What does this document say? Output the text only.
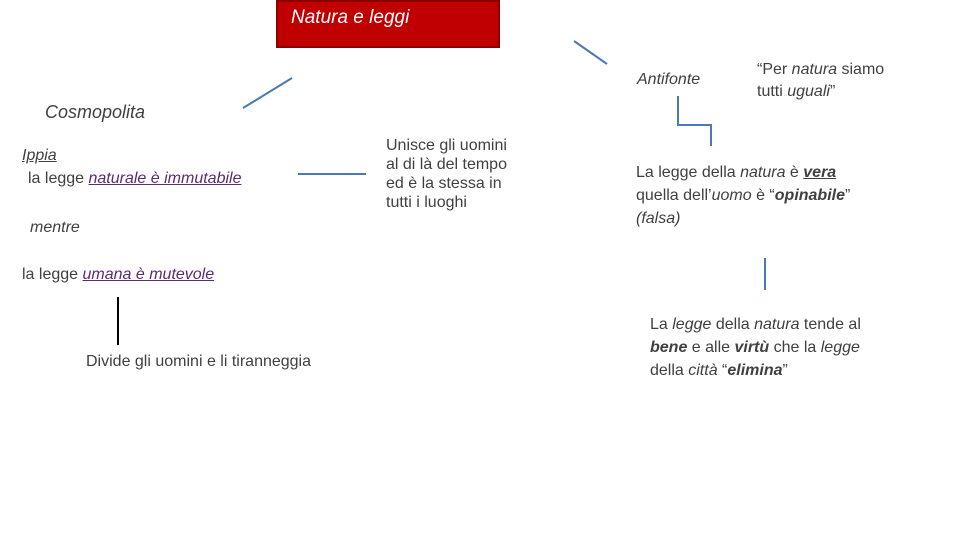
Natura e leggi
Cosmopolita
Ippia
la legge naturale è immutabile
mentre
la legge umana è mutevole
Divide gli uomini e li tiranneggia
Unisce gli uomini
al di là del tempo
ed è la stessa in
tutti i luoghi
Antifonte
“Per natura siamo
tutti uguali”
La legge della natura è vera
quella dell’uomo è “opinabile”
(falsa)
La legge della natura tende al
bene e alle virtù che la legge
della città “elimina”
